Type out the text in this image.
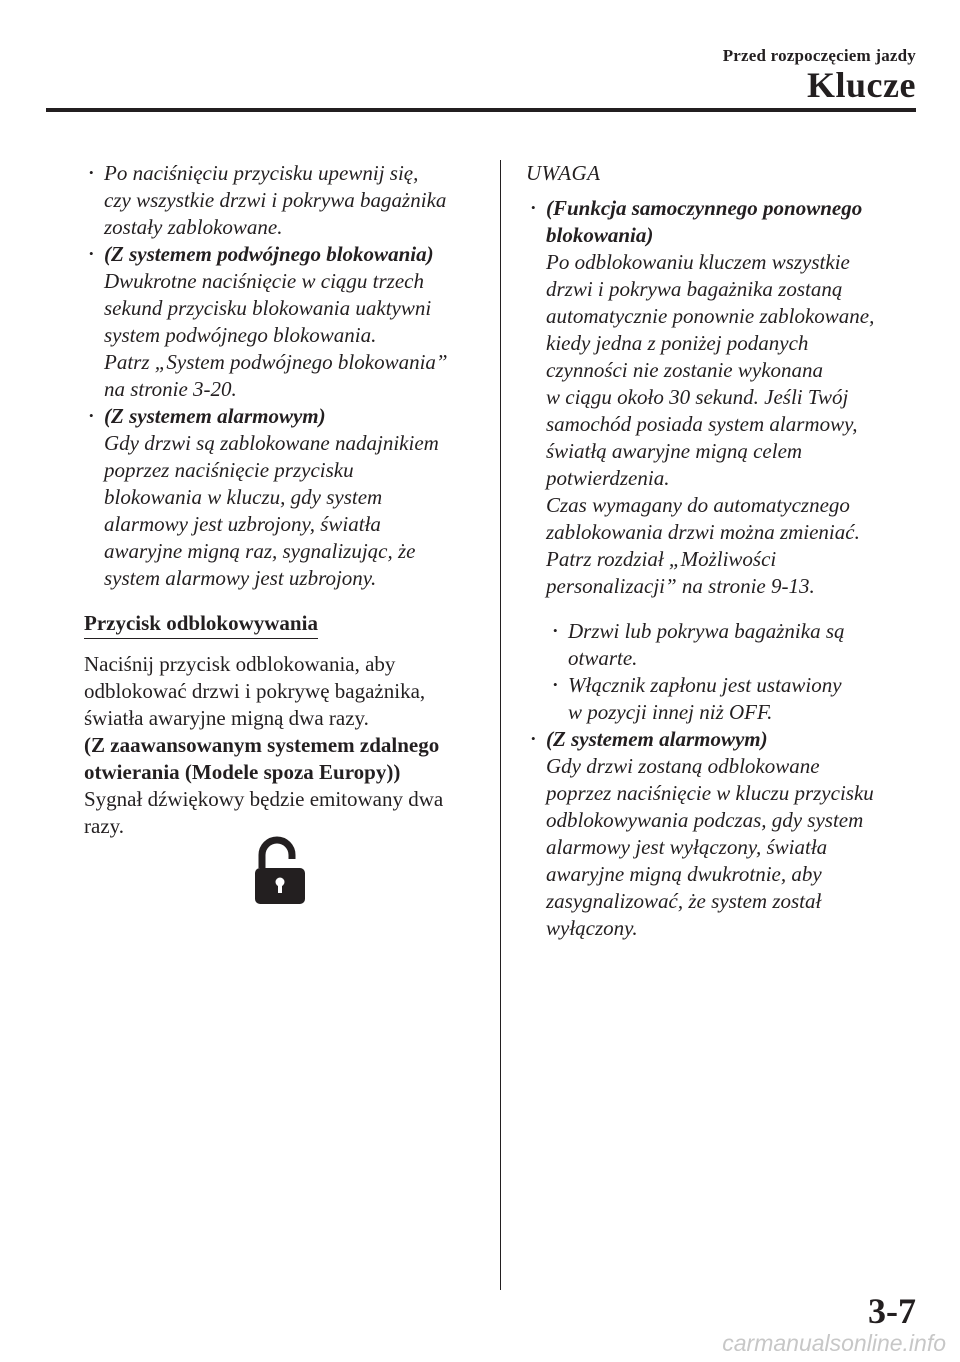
Przed rozpoczęciem jazdy
Klucze
• Po naciśnięciu przycisku upewnij się,
czy wszystkie drzwi i pokrywa bagażnika
zostały zablokowane.
• (Z systemem podwójnego blokowania)
Dwukrotne naciśnięcie w ciągu trzech
sekund przycisku blokowania uaktywni
system podwójnego blokowania.
Patrz „System podwójnego blokowania”
na stronie 3-20.
• (Z systemem alarmowym)
Gdy drzwi są zablokowane nadajnikiem
poprzez naciśnięcie przycisku
blokowania w kluczu, gdy system
alarmowy jest uzbrojony, światła
awaryjne migną raz, sygnalizując, że
system alarmowy jest uzbrojony.
Przycisk odblokowywania
Naciśnij przycisk odblokowania, aby
odblokować drzwi i pokrywę bagażnika,
światła awaryjne migną dwa razy.
(Z zaawansowanym systemem zdalnego
otwierania (Modele spoza Europy))
Sygnał dźwiękowy będzie emitowany dwa
razy.
UWAGA
• (Funkcja samoczynnego ponownego
blokowania)
Po odblokowaniu kluczem wszystkie
drzwi i pokrywa bagażnika zostaną
automatycznie ponownie zablokowane,
kiedy jedna z poniżej podanych
czynności nie zostanie wykonana
w ciągu około 30 sekund. Jeśli Twój
samochód posiada system alarmowy,
światłą awaryjne migną celem
potwierdzenia.
Czas wymagany do automatycznego
zablokowania drzwi można zmieniać.
Patrz rozdział „Możliwości
personalizacji” na stronie 9-13.
• Drzwi lub pokrywa bagażnika są
otwarte.
• Włącznik zapłonu jest ustawiony
w pozycji innej niż OFF.
• (Z systemem alarmowym)
Gdy drzwi zostaną odblokowane
poprzez naciśnięcie w kluczu przycisku
odblokowywania podczas, gdy system
alarmowy jest wyłączony, światła
awaryjne migną dwukrotnie, aby
zasygnalizować, że system został
wyłączony.
3-7
carmanualsonline.info
